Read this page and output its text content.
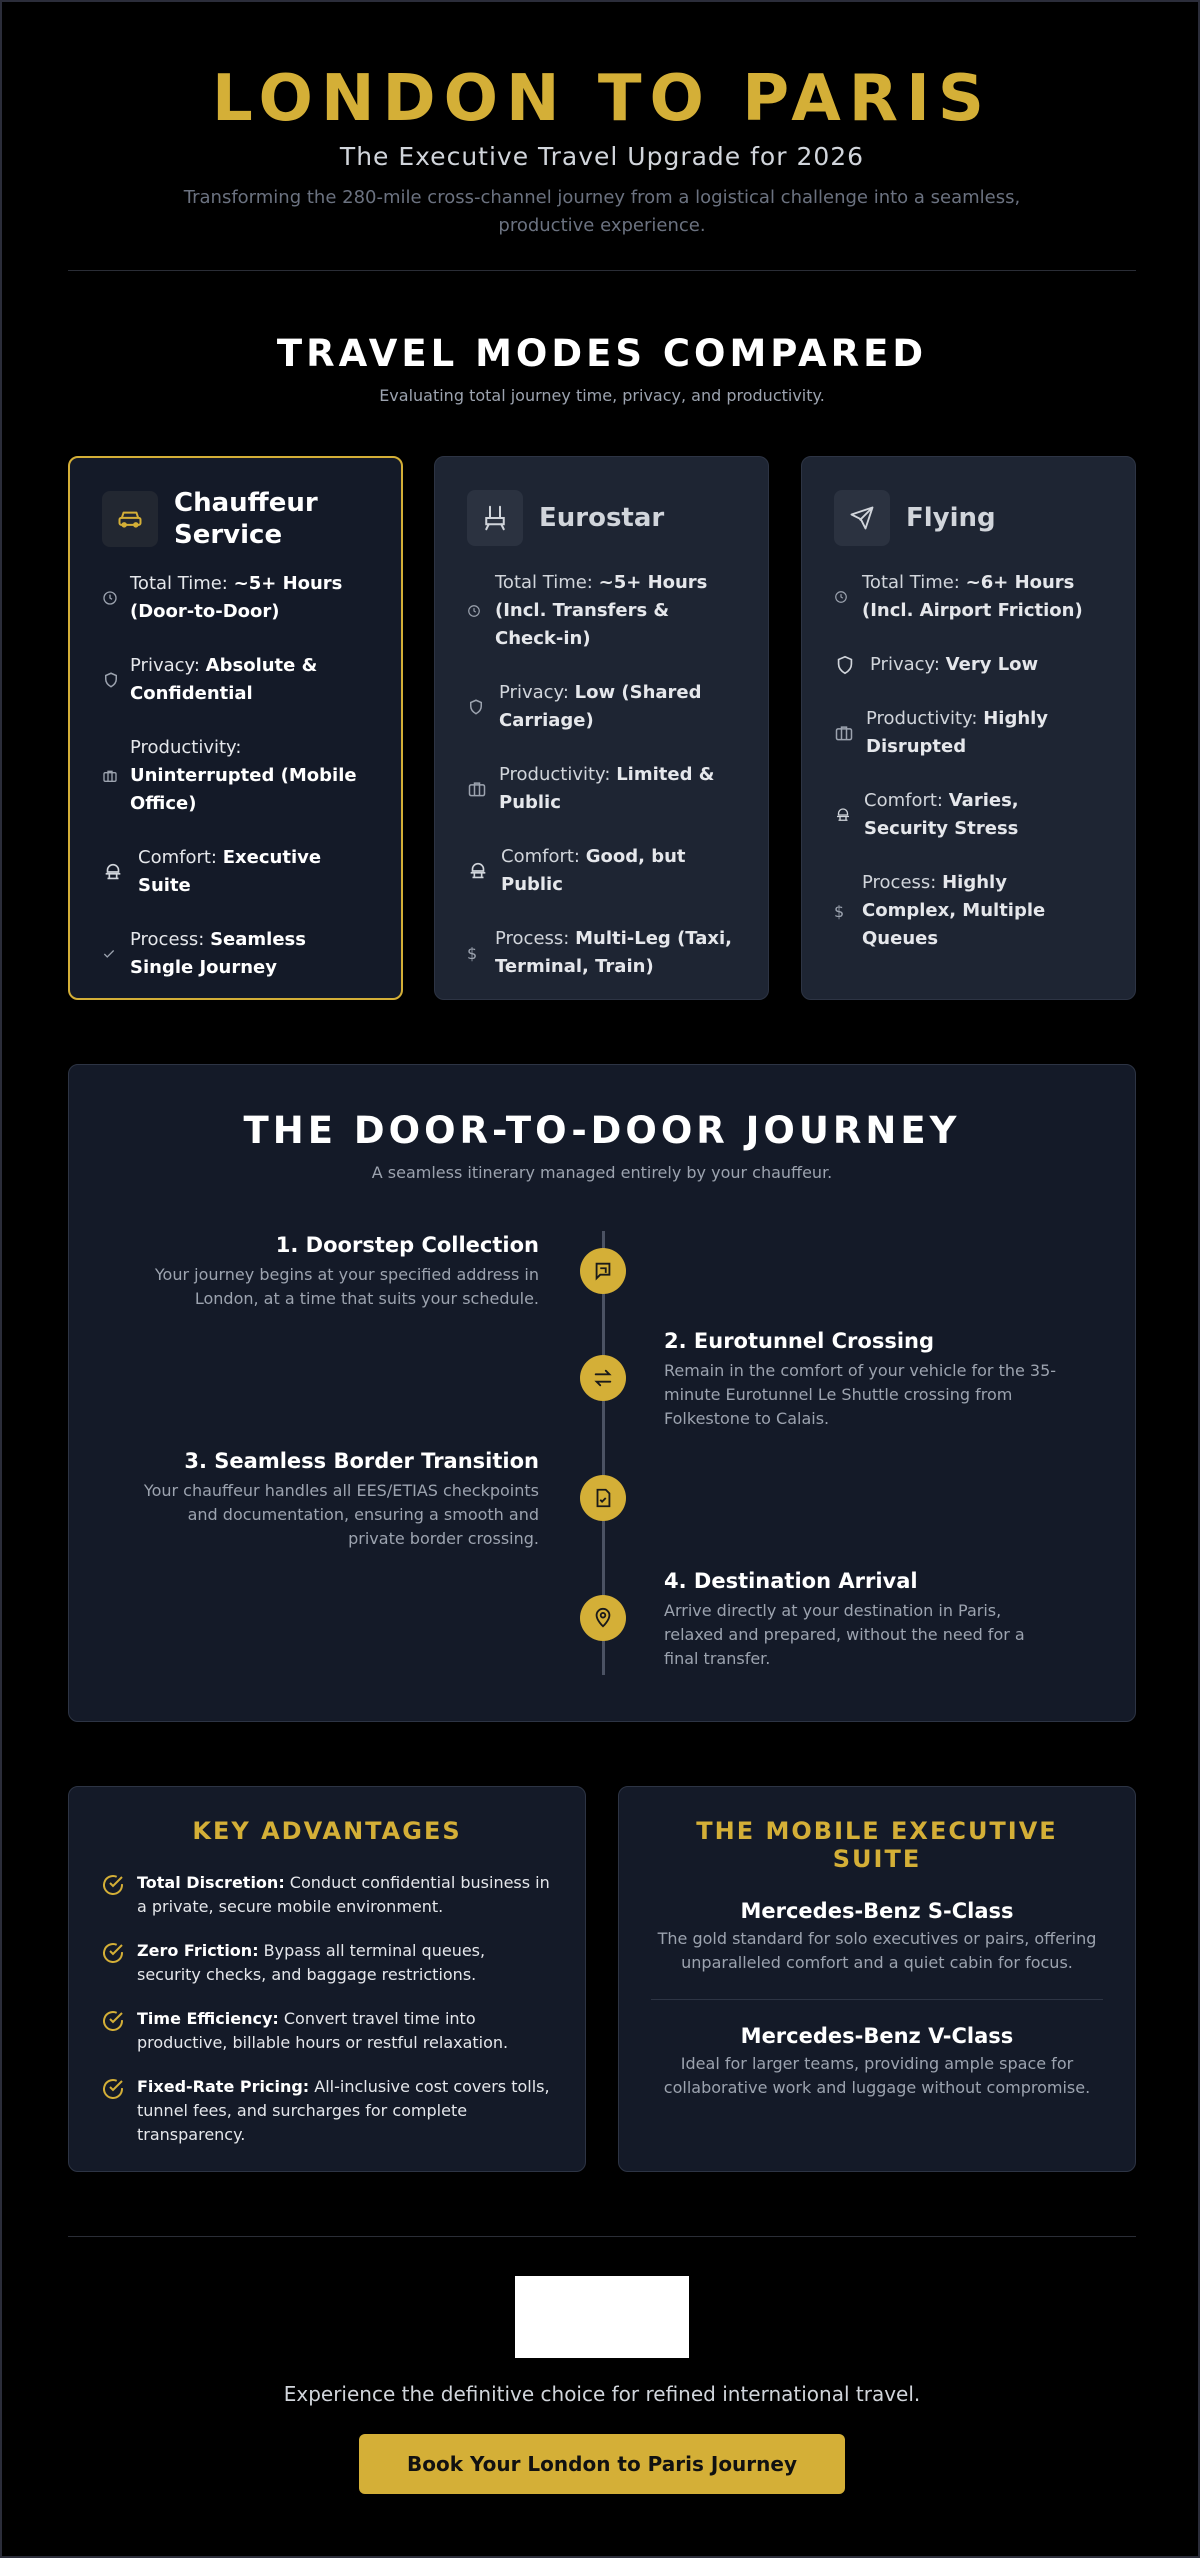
LONDON TO PARIS
The Executive Travel Upgrade for 2026
Transforming the 280-mile cross-channel journey from a logistical challenge into a seamless, productive experience.
TRAVEL MODES COMPARED
Evaluating total journey time, privacy, and productivity.
Chauffeur Service
Total Time: ~5+ Hours (Door-to-Door)
Privacy: Absolute & Confidential
Productivity: Uninterrupted (Mobile Office)
Comfort: Executive Suite
Process: Seamless Single Journey
Eurostar
Total Time: ~5+ Hours (Incl. Transfers & Check-in)
Privacy: Low (Shared Carriage)
Productivity: Limited & Public
Comfort: Good, but Public
$
Process: Multi-Leg (Taxi, Terminal, Train)
Flying
Total Time: ~6+ Hours (Incl. Airport Friction)
Privacy: Very Low
Productivity: Highly Disrupted
Comfort: Varies, Security Stress
$
Process: Highly Complex, Multiple Queues
THE DOOR-TO-DOOR JOURNEY
A seamless itinerary managed entirely by your chauffeur.
1. Doorstep Collection
Your journey begins at your specified address in London, at a time that suits your schedule.
2. Eurotunnel Crossing
Remain in the comfort of your vehicle for the 35-minute Eurotunnel Le Shuttle crossing from Folkestone to Calais.
3. Seamless Border Transition
Your chauffeur handles all EES/ETIAS checkpoints and documentation, ensuring a smooth and private border crossing.
4. Destination Arrival
Arrive directly at your destination in Paris, relaxed and prepared, without the need for a final transfer.
KEY ADVANTAGES
Total Discretion: Conduct confidential business in a private, secure mobile environment.
Zero Friction: Bypass all terminal queues, security checks, and baggage restrictions.
Time Efficiency: Convert travel time into productive, billable hours or restful relaxation.
Fixed-Rate Pricing: All-inclusive cost covers tolls, tunnel fees, and surcharges for complete transparency.
THE MOBILE EXECUTIVE SUITE
Mercedes-Benz S-Class
The gold standard for solo executives or pairs, offering unparalleled comfort and a quiet cabin for focus.
Mercedes-Benz V-Class
Ideal for larger teams, providing ample space for collaborative work and luggage without compromise.
Experience the definitive choice for refined international travel.
Book Your London to Paris Journey
